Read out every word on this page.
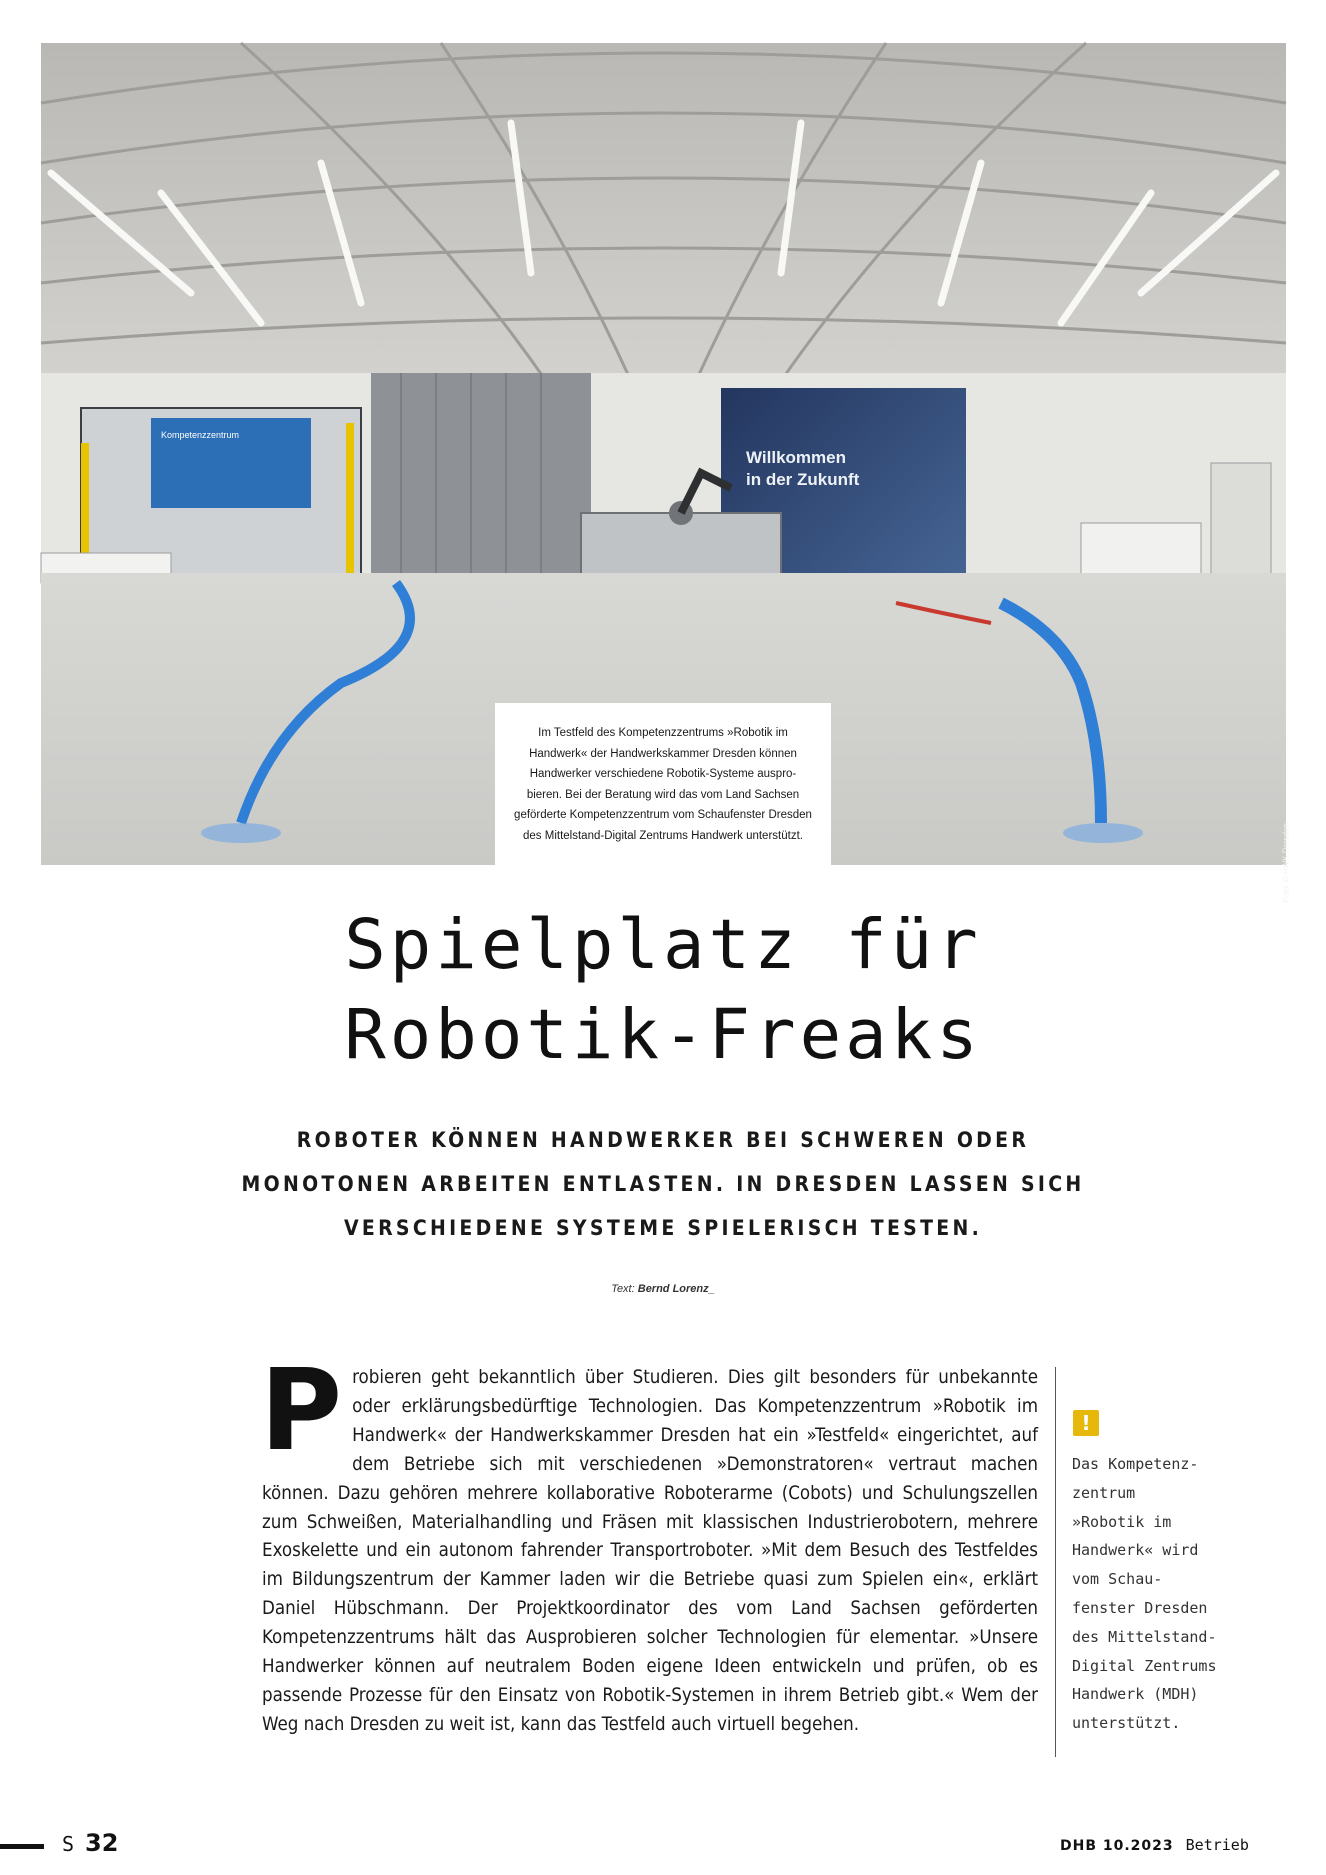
Kompetenzzentrum
Willkommen
in der Zukunft
Foto: © HWK Dresden
Im Testfeld des Kompetenzzentrums »Robotik im Handwerk« der Handwerkskammer Dresden können Handwerker verschiedene Robotik-Systeme auspro- bieren. Bei der Beratung wird das vom Land Sachsen geförderte Kompetenzzentrum vom Schaufenster Dresden des Mittelstand-Digital Zentrums Handwerk unterstützt.
Spielplatz für
Robotik-Freaks
ROBOTER KÖNNEN HANDWERKER BEI SCHWEREN ODER MONOTONEN ARBEITEN ENTLASTEN. IN DRESDEN LASSEN SICH VERSCHIEDENE SYSTEME SPIELERISCH TESTEN.
Text: Bernd Lorenz_
P robieren geht bekanntlich über Studieren. Dies gilt besonders für unbekannte oder erklärungsbedürftige Technologien. Das Kompetenzzentrum »Robotik im Handwerk« der Handwerkskammer Dresden hat ein »Testfeld« eingerichtet, auf dem Betriebe sich mit verschiedenen »Demonstratoren« vertraut machen können. Dazu gehören mehrere kollaborative Roboterarme (Cobots) und Schulungszellen zum Schweißen, Materialhandling und Fräsen mit klassischen Industrierobotern, mehrere Exoskelette und ein autonom fahrender Transportroboter. »Mit dem Besuch des Testfeldes im Bildungszentrum der Kammer laden wir die Betriebe quasi zum Spielen ein«, erklärt Daniel Hübschmann. Der Projektkoordinator des vom Land Sachsen geförderten Kompetenzzentrums hält das Ausprobieren solcher Technologien für elementar. »Unsere Handwerker können auf neutralem Boden eigene Ideen entwickeln und prüfen, ob es passende Prozesse für den Einsatz von Robotik-Systemen in ihrem Betrieb gibt.« Wem der Weg nach Dresden zu weit ist, kann das Testfeld auch virtuell begehen.

!
Das Kompetenz-
zentrum
»Robotik im
Handwerk« wird
vom Schau-
fenster Dresden
des Mittelstand-
Digital Zentrums
Handwerk (MDH)
unterstützt.
S 32	DHB 10.2023 Betrieb
